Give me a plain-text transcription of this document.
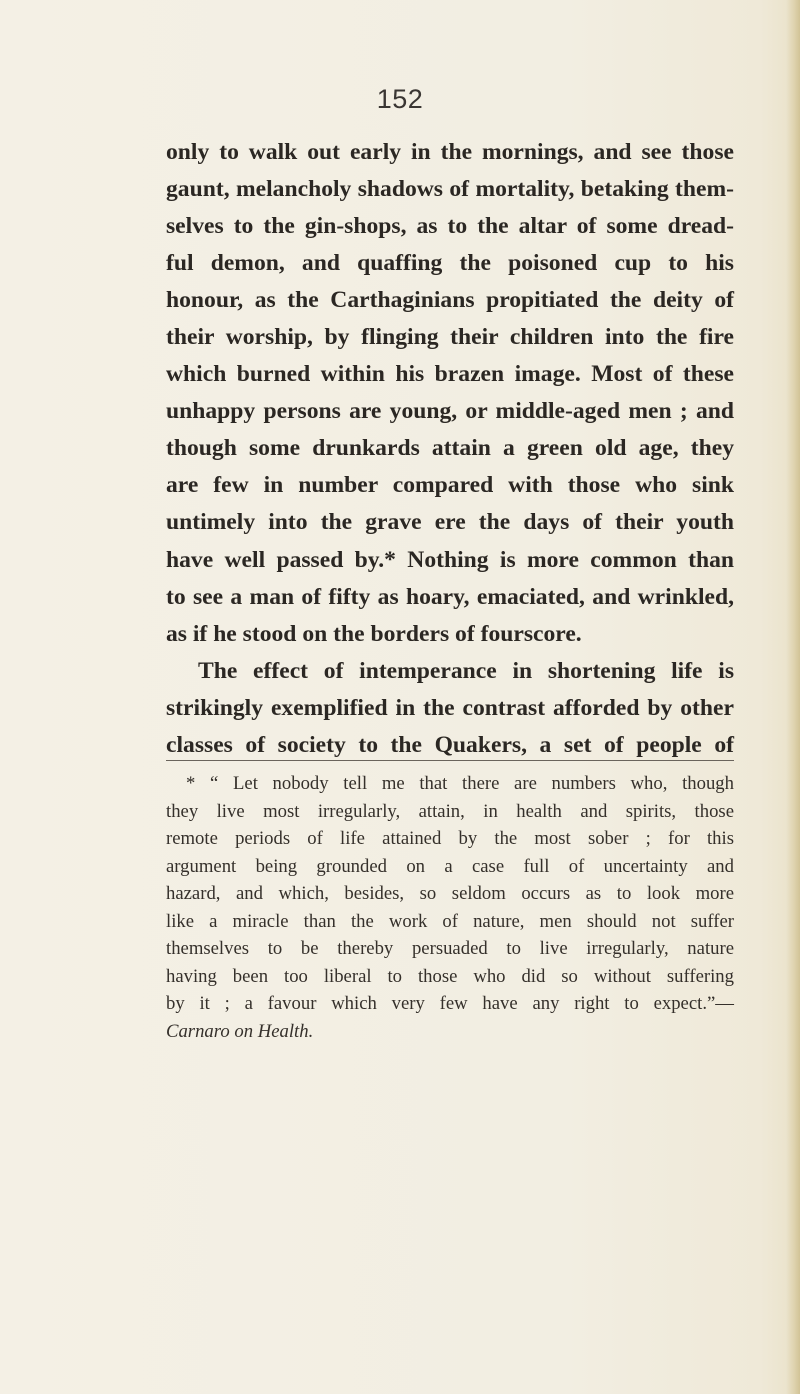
152
only to walk out early in the mornings, and see those
gaunt, melancholy shadows of mortality, betaking them-
selves to the gin-shops, as to the altar of some dread-
ful demon, and quaffing the poisoned cup to his
honour, as the Carthaginians propitiated the deity of
their worship, by flinging their children into the fire
which burned within his brazen image. Most of these
unhappy persons are young, or middle-aged men ; and
though some drunkards attain a green old age, they
are few in number compared with those who sink
untimely into the grave ere the days of their youth
have well passed by.* Nothing is more common than
to see a man of fifty as hoary, emaciated, and wrinkled,
as if he stood on the borders of fourscore.
The effect of intemperance in shortening life is
strikingly exemplified in the contrast afforded by other
classes of society to the Quakers, a set of people of
* “ Let nobody tell me that there are numbers who, though
they live most irregularly, attain, in health and spirits, those
remote periods of life attained by the most sober ; for this
argument being grounded on a case full of uncertainty and
hazard, and which, besides, so seldom occurs as to look more
like a miracle than the work of nature, men should not suffer
themselves to be thereby persuaded to live irregularly, nature
having been too liberal to those who did so without suffering
by it ; a favour which very few have any right to expect.”—
Carnaro on Health.
